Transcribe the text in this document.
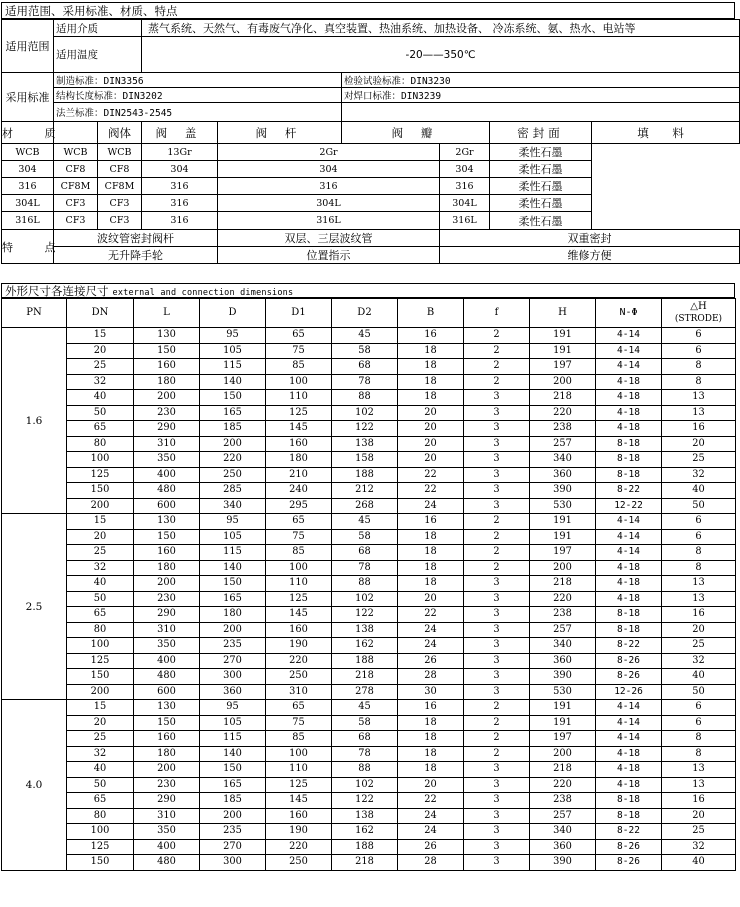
适用范围、采用标准、材质、特点
适用范围	适用介质		蒸气系统、天然气、有毒废气净化、真空装置、热油系统、加热设备、 冷冻系统、氨、热水、电站等					
	适用温度		-20——350℃					
采用标准	制造标准：DIN3356				检验试验标准：DIN3230			
	结构长度标准：DIN3202				对焊口标准：DIN3239			
	法兰标准：DIN2543-2545							
材 质		阀体	阀 盖	阀 杆	阀 瓣		密封面	填 料
WCB	WCB	WCB	13Gr	2Gr		2Gr	柔性石墨	
304	CF8	CF8	304	304		304	柔性石墨	
316	CF8M	CF8M	316	316		316	柔性石墨	
304L	CF3	CF3	316	304L		304L	柔性石墨	
316L	CF3	CF3	316	316L		316L	柔性石墨	
特 点	波纹管密封阀杆			双层、三层波纹管		双重密封		
	无升降手轮			位置指示		维修方便		
外形尺寸各连接尺寸 external and connection dimensions
PN	DN	L	D	D1	D2	B	f	H	N-Φ	△H
(STRODE)

1.6	15	130	95	65	45	16	2	191	4-14	6
	20	150	105	75	58	18	2	191	4-14	6
	25	160	115	85	68	18	2	197	4-14	8
	32	180	140	100	78	18	2	200	4-18	8
	40	200	150	110	88	18	3	218	4-18	13
	50	230	165	125	102	20	3	220	4-18	13
	65	290	185	145	122	20	3	238	4-18	16
	80	310	200	160	138	20	3	257	8-18	20
	100	350	220	180	158	20	3	340	8-18	25
	125	400	250	210	188	22	3	360	8-18	32
	150	480	285	240	212	22	3	390	8-22	40
	200	600	340	295	268	24	3	530	12-22	50
2.5	15	130	95	65	45	16	2	191	4-14	6
	20	150	105	75	58	18	2	191	4-14	6
	25	160	115	85	68	18	2	197	4-14	8
	32	180	140	100	78	18	2	200	4-18	8
	40	200	150	110	88	18	3	218	4-18	13
	50	230	165	125	102	20	3	220	4-18	13
	65	290	180	145	122	22	3	238	8-18	16
	80	310	200	160	138	24	3	257	8-18	20
	100	350	235	190	162	24	3	340	8-22	25
	125	400	270	220	188	26	3	360	8-26	32
	150	480	300	250	218	28	3	390	8-26	40
	200	600	360	310	278	30	3	530	12-26	50
4.0	15	130	95	65	45	16	2	191	4-14	6
	20	150	105	75	58	18	2	191	4-14	6
	25	160	115	85	68	18	2	197	4-14	8
	32	180	140	100	78	18	2	200	4-18	8
	40	200	150	110	88	18	3	218	4-18	13
	50	230	165	125	102	20	3	220	4-18	13
	65	290	185	145	122	22	3	238	8-18	16
	80	310	200	160	138	24	3	257	8-18	20
	100	350	235	190	162	24	3	340	8-22	25
	125	400	270	220	188	26	3	360	8-26	32
	150	480	300	250	218	28	3	390	8-26	40
